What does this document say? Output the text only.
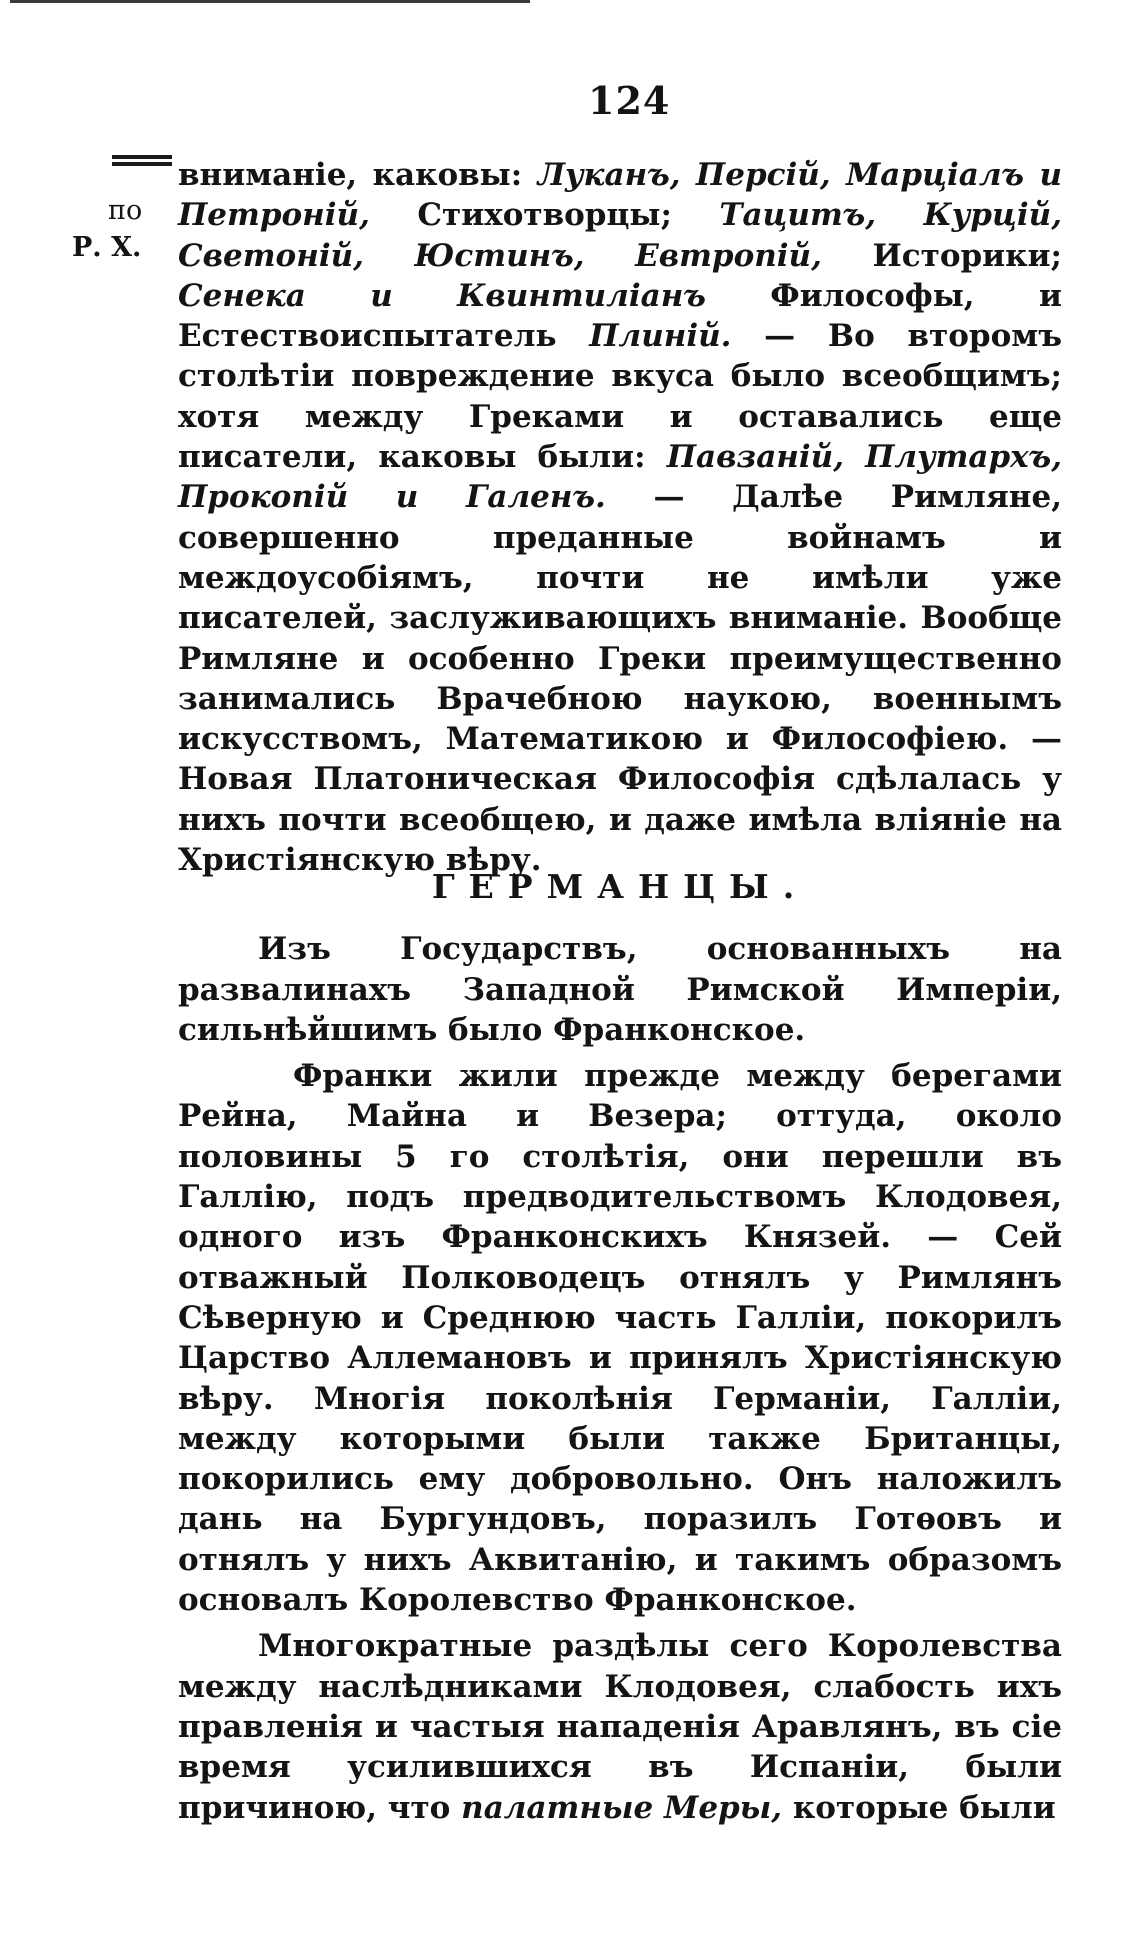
124
по
Р. Х.

вниманіе, каковы: Луканъ, Персій, Марціалъ и Петроній, Стихотворцы; Тацитъ, Курцій, Светоній, Юстинъ, Евтропій, Историки; Сенека и Квинтиліанъ Философы, и Естествоиспытатель Плиній. — Во второмъ столѣтіи повреждение вкуса было всеобщимъ; хотя между Греками и оставались еще писатели, каковы были: Павзаній, Плутархъ, Прокопій и Галенъ. — Далѣе Римляне, совершенно преданные войнамъ и междоусобіямъ, почти не имѣли уже писателей, заслуживающихъ вниманіе. Вообще Римляне и особенно Греки преимущественно занимались Врачебною наукою, военнымъ искусствомъ, Математикою и Философіею. — Новая Платоническая Философія сдѣлалась у нихъ почти всеобщею, и даже имѣла вліяніе на Христіянскую вѣру.

ГЕРМАНЦЫ.

Изъ Государствъ, основанныхъ на развалинахъ Западной Римской Имперіи, сильнѣйшимъ было Франконское.

Франки жили прежде между берегами Рейна, Майна и Везера; оттуда, около половины 5 го столѣтія, они перешли въ Галлію, подъ предводительствомъ Клодовея, одного изъ Франконскихъ Князей. — Сей отважный Полководецъ отнялъ у Римлянъ Сѣверную и Среднюю часть Галліи, покорилъ Царство Аллемановъ и принялъ Христіянскую вѣру. Многія поколѣнія Германіи, Галліи, между которыми были также Британцы, покорились ему добровольно. Онъ наложилъ дань на Бургундовъ, поразилъ Готѳовъ и отнялъ у нихъ Аквитанію, и такимъ образомъ основалъ Королевство Франконское.

Многократные раздѣлы сего Королевства между наслѣдниками Клодовея, слабость ихъ правленія и частыя нападенія Аравлянъ, въ сіе время усилившихся въ Испаніи, были причиною, что палатные Меры, которые были
